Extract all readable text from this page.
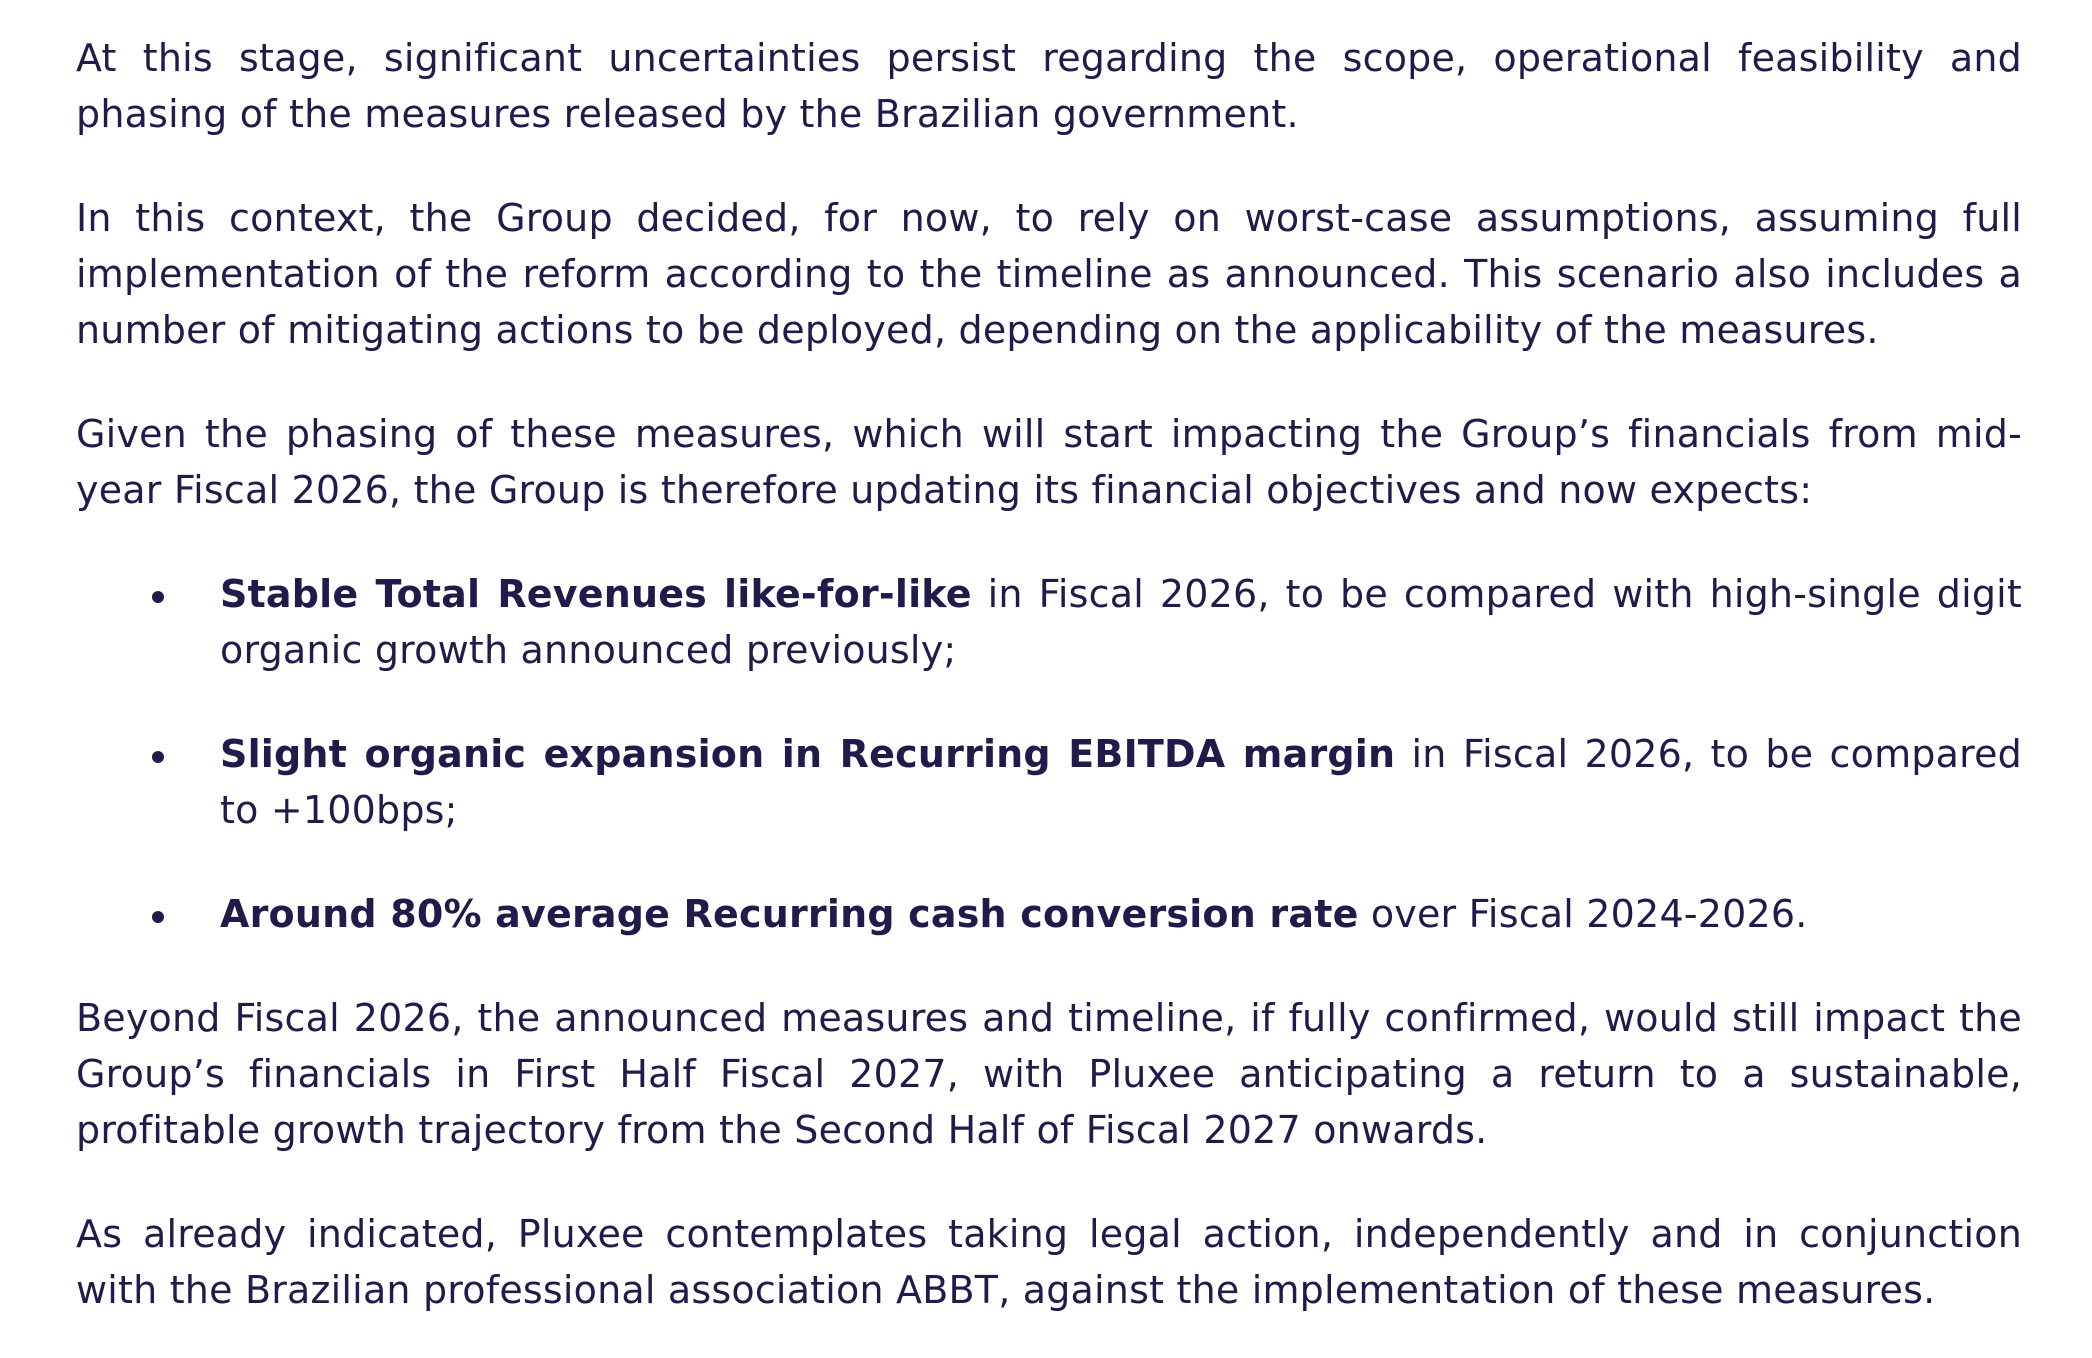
At this stage, significant uncertainties persist regarding the scope, operational feasibility and phasing of the measures released by the Brazilian government.

In this context, the Group decided, for now, to rely on worst-case assumptions, assuming full implementation of the reform according to the timeline as announced. This scenario also includes a number of mitigating actions to be deployed, depending on the applicability of the measures.

Given the phasing of these measures, which will start impacting the Group’s financials from mid-year Fiscal 2026, the Group is therefore updating its financial objectives and now expects:

Stable Total Revenues like-for-like in Fiscal 2026, to be compared with high-single digit organic growth announced previously;
Slight organic expansion in Recurring EBITDA margin in Fiscal 2026, to be compared to +100bps;
Around 80% average Recurring cash conversion rate over Fiscal 2024-2026.

Beyond Fiscal 2026, the announced measures and timeline, if fully confirmed, would still impact the Group’s financials in First Half Fiscal 2027, with Pluxee anticipating a return to a sustainable, profitable growth trajectory from the Second Half of Fiscal 2027 onwards.

As already indicated, Pluxee contemplates taking legal action, independently and in conjunction with the Brazilian professional association ABBT, against the implementation of these measures.
